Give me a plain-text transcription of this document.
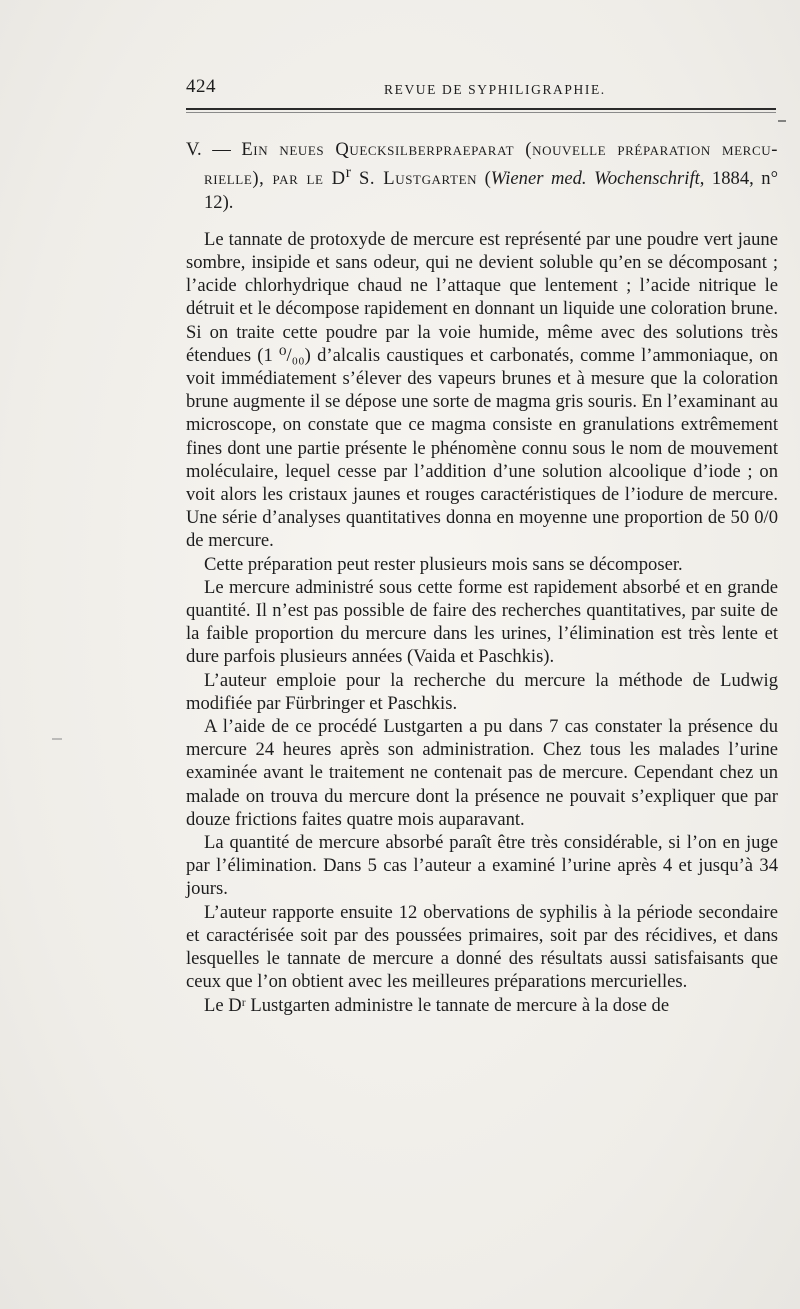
424	REVUE DE SYPHILIGRAPHIE.

V. — Ein neues Quecksilberpraeparat (nouvelle préparation mercu- rielle), par le $D^r$ S. Lustgarten (Wiener med. Wochenschrift, 1884, n° 12).

Le tannate de protoxyde de mercure est représenté par une poudre vert jaune sombre, insipide et sans odeur, qui ne devient soluble qu’en se décomposant ; l’acide chlorhydrique chaud ne l’attaque que lentement ; l’acide nitrique le détruit et le décompose rapidement en donnant un liquide une coloration brune. Si on traite cette poudre par la voie humide, même avec des solutions très étendues (1 ⁰/₀₀) d’alcalis caustiques et carbonatés, comme l’ammoniaque, on voit immédiatement s’élever des vapeurs brunes et à mesure que la coloration brune augmente il se dépose une sorte de magma gris souris. En l’examinant au microscope, on constate que ce magma consiste en granulations extrêmement fines dont une partie présente le phénomène connu sous le nom de mouvement moléculaire, lequel cesse par l’addition d’une solution alcoolique d’iode ; on voit alors les cristaux jaunes et rouges caractéristiques de l’iodure de mercure. Une série d’analyses quantitatives donna en moyenne une proportion de 50 0/0 de mercure.

Cette préparation peut rester plusieurs mois sans se décomposer.

Le mercure administré sous cette forme est rapidement absorbé et en grande quantité. Il n’est pas possible de faire des recherches quantitatives, par suite de la faible proportion du mercure dans les urines, l’élimination est très lente et dure parfois plusieurs années (Vaida et Paschkis).

L’auteur emploie pour la recherche du mercure la méthode de Ludwig modifiée par Fürbringer et Paschkis.

A l’aide de ce procédé Lustgarten a pu dans 7 cas constater la présence du mercure 24 heures après son administration. Chez tous les malades l’urine examinée avant le traitement ne contenait pas de mercure. Cependant chez un malade on trouva du mercure dont la présence ne pouvait s’expliquer que par douze frictions faites quatre mois auparavant.

La quantité de mercure absorbé paraît être très considérable, si l’on en juge par l’élimination. Dans 5 cas l’auteur a examiné l’urine après 4 et jusqu’à 34 jours.

L’auteur rapporte ensuite 12 obervations de syphilis à la période secondaire et caractérisée soit par des poussées primaires, soit par des récidives, et dans lesquelles le tannate de mercure a donné des résultats aussi satisfaisants que ceux que l’on obtient avec les meilleures préparations mercurielles.

Le Dʳ Lustgarten administre le tannate de mercure à la dose de
